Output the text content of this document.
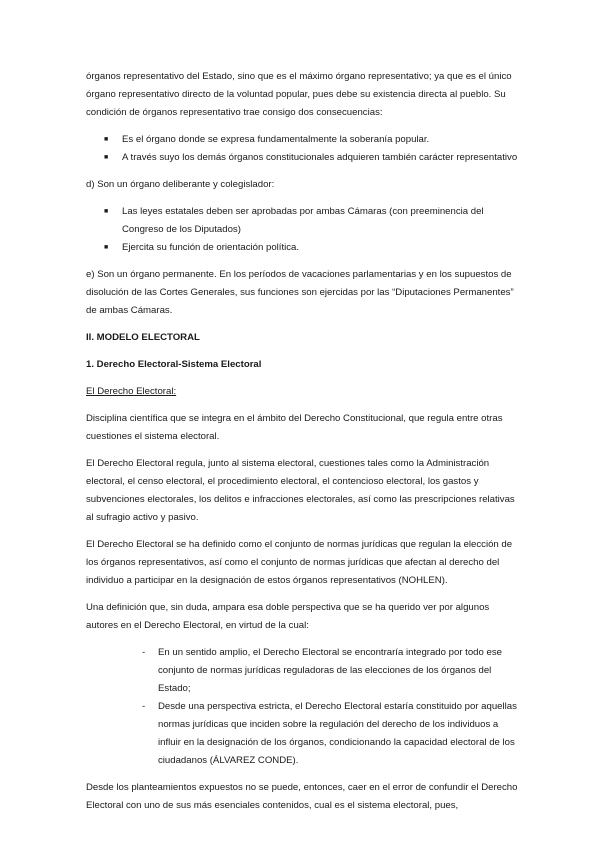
órganos representativo del Estado, sino que es el máximo órgano representativo; ya que es el único órgano representativo directo de la voluntad popular, pues debe su existencia directa al pueblo. Su condición de órganos representativo trae consigo dos consecuencias:

■ Es el órgano donde se expresa fundamentalmente la soberanía popular.
■ A través suyo los demás órganos constitucionales adquieren también carácter representativo

d) Son un órgano deliberante y colegislador:

■ Las leyes estatales deben ser aprobadas por ambas Cámaras (con preeminencia del Congreso de los Diputados)
■ Ejercita su función de orientación política.

e) Son un órgano permanente. En los períodos de vacaciones parlamentarias y en los supuestos de disolución de las Cortes Generales, sus funciones son ejercidas por las “Diputaciones Permanentes” de ambas Cámaras.

II. MODELO ELECTORAL

1. Derecho Electoral-Sistema Electoral

El Derecho Electoral:

Disciplina científica que se integra en el ámbito del Derecho Constitucional, que regula entre otras cuestiones el sistema electoral.

El Derecho Electoral regula, junto al sistema electoral, cuestiones tales como la Administración electoral, el censo electoral, el procedimiento electoral, el contencioso electoral, los gastos y subvenciones electorales, los delitos e infracciones electorales, así como las prescripciones relativas al sufragio activo y pasivo.

El Derecho Electoral se ha definido como el conjunto de normas jurídicas que regulan la elección de los órganos representativos, así como el conjunto de normas jurídicas que afectan al derecho del individuo a participar en la designación de estos órganos representativos (NOHLEN).

Una definición que, sin duda, ampara esa doble perspectiva que se ha querido ver por algunos autores en el Derecho Electoral, en virtud de la cual:

- En un sentido amplio, el Derecho Electoral se encontraría integrado por todo ese conjunto de normas jurídicas reguladoras de las elecciones de los órganos del Estado;
- Desde una perspectiva estricta, el Derecho Electoral estaría constituido por aquellas normas jurídicas que inciden sobre la regulación del derecho de los individuos a influir en la designación de los órganos, condicionando la capacidad electoral de los ciudadanos (ÁLVAREZ CONDE).

Desde los planteamientos expuestos no se puede, entonces, caer en el error de confundir el Derecho Electoral con uno de sus más esenciales contenidos, cual es el sistema electoral, pues,
